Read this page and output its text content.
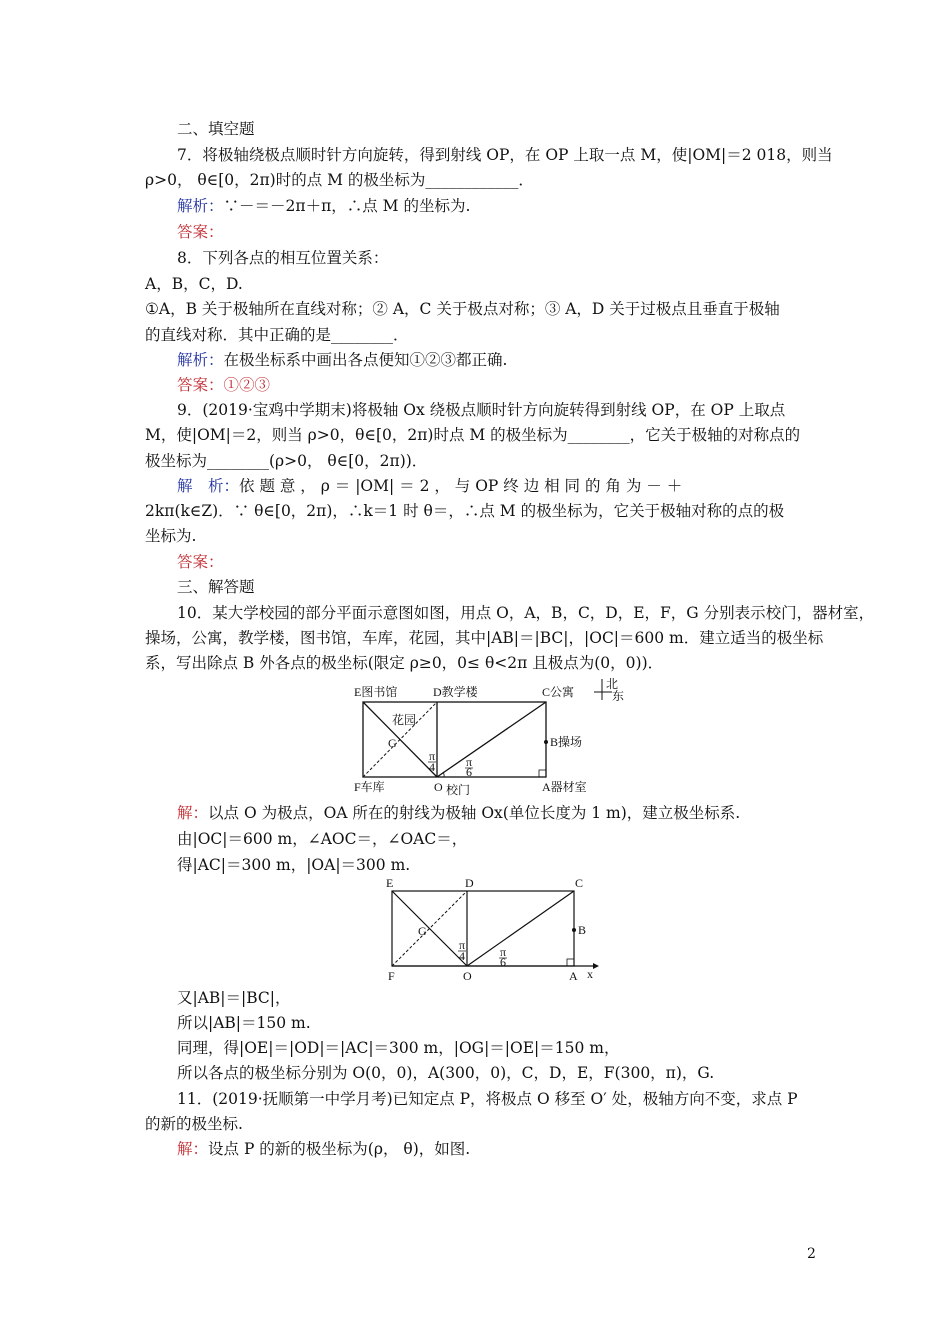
二、填空题
7．将极轴绕极点顺时针方向旋转，得到射线 OP，在 OP 上取一点 M，使|OM|＝2 018，则当
ρ>0， θ∈[0，2π)时的点 M 的极坐标为____________．
解析：∵－＝－2π＋π，∴点 M 的坐标为.
答案：
8．下列各点的相互位置关系：
A，B，C，D.
①A，B 关于极轴所在直线对称；② A，C 关于极点对称；③ A，D 关于过极点且垂直于极轴
的直线对称．其中正确的是________．
解析：在极坐标系中画出各点便知①②③都正确.
答案：①②③
9．(2019·宝鸡中学期末)将极轴 Ox 绕极点顺时针方向旋转得到射线 OP，在 OP 上取点
M，使|OM|＝2，则当 ρ>0，θ∈[0，2π)时点 M 的极坐标为________，它关于极轴的对称点的
极坐标为________(ρ>0， θ∈[0，2π))．
解　析：依 题 意 ， ρ ＝ |OM| ＝ 2 ， 与 OP 终 边 相 同 的 角 为 － ＋
2kπ(k∈Z)．∵ θ∈[0，2π)，∴k＝1 时 θ＝，∴点 M 的极坐标为，它关于极轴对称的点的极
坐标为.
答案：
三、解答题
10．某大学校园的部分平面示意图如图，用点 O，A，B，C，D，E，F，G 分别表示校门，器材室，
操场，公寓，教学楼，图书馆，车库，花园，其中|AB|＝|BC|，|OC|＝600 m．建立适当的极坐标
系，写出除点 B 外各点的极坐标(限定 ρ≥0，0≤ θ<2π 且极点为(0，0))．
E图书馆	D教学楼	C公寓
B操场
F车库	O 校门	A器材室
花园
G
π
4	π
6
北
东
解：以点 O 为极点，OA 所在的射线为极轴 Ox(单位长度为 1 m)，建立极坐标系.
由|OC|＝600 m，∠AOC＝，∠OAC＝，
得|AC|＝300 m，|OA|＝300 m.
E	D	C
B
F	O	A x
G
π
4	π
6
又|AB|＝|BC|，
所以|AB|＝150 m.
同理，得|OE|＝|OD|＝|AC|＝300 m，|OG|＝|OE|＝150 m，
所以各点的极坐标分别为 O(0，0)，A(300，0)，C，D，E，F(300，π)，G.
11．(2019·抚顺第一中学月考)已知定点 P，将极点 O 移至 O′ 处，极轴方向不变，求点 P
的新的极坐标.
解：设点 P 的新的极坐标为(ρ， θ)，如图.
2
